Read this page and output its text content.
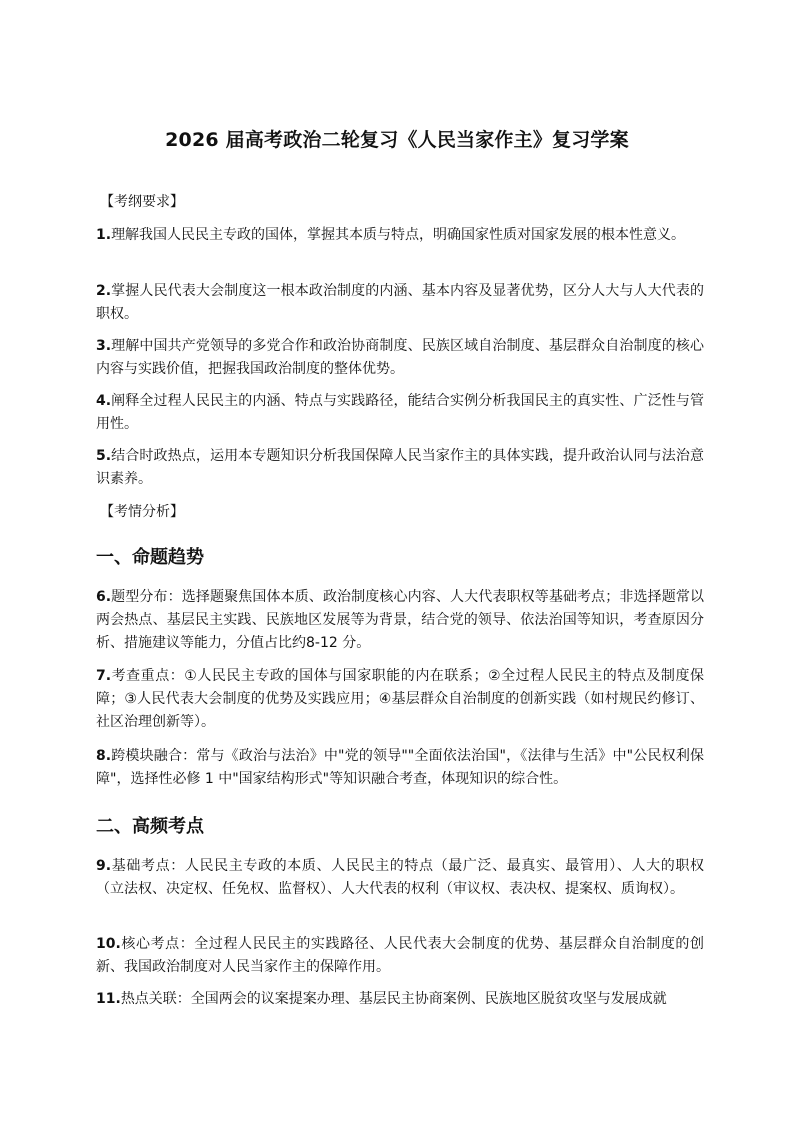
2026 届高考政治二轮复习《人民当家作主》复习学案
【考纲要求】
1.理解我国人民民主专政的国体，掌握其本质与特点，明确国家性质对国家发展的根本性意义。
2.掌握人民代表大会制度这一根本政治制度的内涵、基本内容及显著优势，区分人大与人大代表的职权。
3.理解中国共产党领导的多党合作和政治协商制度、民族区域自治制度、基层群众自治制度的核心内容与实践价值，把握我国政治制度的整体优势。
4.阐释全过程人民民主的内涵、特点与实践路径，能结合实例分析我国民主的真实性、广泛性与管用性。
5.结合时政热点，运用本专题知识分析我国保障人民当家作主的具体实践，提升政治认同与法治意识素养。
【考情分析】
一、命题趋势
6.题型分布：选择题聚焦国体本质、政治制度核心内容、人大代表职权等基础考点；非选择题常以两会热点、基层民主实践、民族地区发展等为背景，结合党的领导、依法治国等知识，考查原因分析、措施建议等能力，分值占比约8-12 分。
7.考查重点：①人民民主专政的国体与国家职能的内在联系；②全过程人民民主的特点及制度保障；③人民代表大会制度的优势及实践应用；④基层群众自治制度的创新实践（如村规民约修订、社区治理创新等）。
8.跨模块融合：常与《政治与法治》中"党的领导""全面依法治国"，《法律与生活》中"公民权利保障"，选择性必修 1 中"国家结构形式"等知识融合考查，体现知识的综合性。
二、高频考点
9.基础考点：人民民主专政的本质、人民民主的特点（最广泛、最真实、最管用）、人大的职权（立法权、决定权、任免权、监督权）、人大代表的权利（审议权、表决权、提案权、质询权）。
10.核心考点：全过程人民民主的实践路径、人民代表大会制度的优势、基层群众自治制度的创新、我国政治制度对人民当家作主的保障作用。
11.热点关联：全国两会的议案提案办理、基层民主协商案例、民族地区脱贫攻坚与发展成就
